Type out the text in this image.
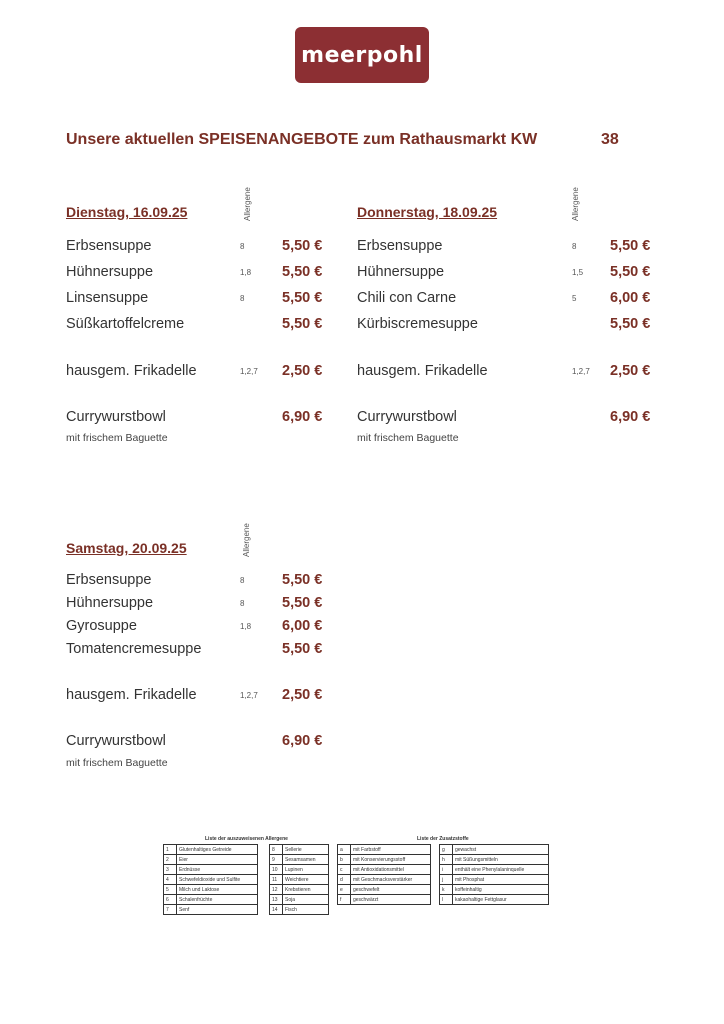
meerpohl
Unsere aktuellen SPEISENANGEBOTE zum Rathausmarkt KW	38
Allergene
Dienstag, 16.09.25
Erbsensuppe	8	5,50 €
Hühnersuppe	1,8 5,50 €
Linsensuppe	8	5,50 €
Süßkartoffelcreme	5,50 €
hausgem. Frikadelle	1,2,7 2,50 €
Currywurstbowl	6,90 €
mit frischem Baguette
Allergene
Donnerstag, 18.09.25
Erbsensuppe	8 5,50 €
Hühnersuppe	1,5 5,50 €
Chili con Carne	5 6,00 €
Kürbiscremesuppe	5,50 €
hausgem. Frikadelle	1,2,7 2,50 €
Currywurstbowl	6,90 €
mit frischem Baguette
Allergene
Samstag, 20.09.25
Erbsensuppe	8	5,50 €
Hühnersuppe	8	5,50 €
Gyrosuppe	1,8 6,00 €
Tomatencremesuppe	5,50 €
hausgem. Frikadelle	1,2,7 2,50 €
Currywurstbowl	6,90 €
mit frischem Baguette
Liste der auszuweisenen Allergene	Liste der Zusatzstoffe
1	Glutenhaltiges Getreide
2	Eier
3	Erdnüsse
4	Schwefeldioxide und Sulfite
5	Milch und Laktose
6	Schalenfrüchte
7	Senf
8	Sellerie
9	Sesamsamen
10	Lupinen
11	Weichtiere
12	Krebstieren
13	Soja
14	Fisch
a	mit Farbstoff
b	mit Konservierungsstoff
c	mit Antioxidationsmittel
d	mit Geschmacksverstärker
e	geschwefelt
f	geschwärzt
g	gewachst
h	mit Süßungsmitteln
i	enthält eine Phenylalaninquelle
j	mit Phosphat
k	koffeinhaltig
l	kakaohaltige Fettglasur
